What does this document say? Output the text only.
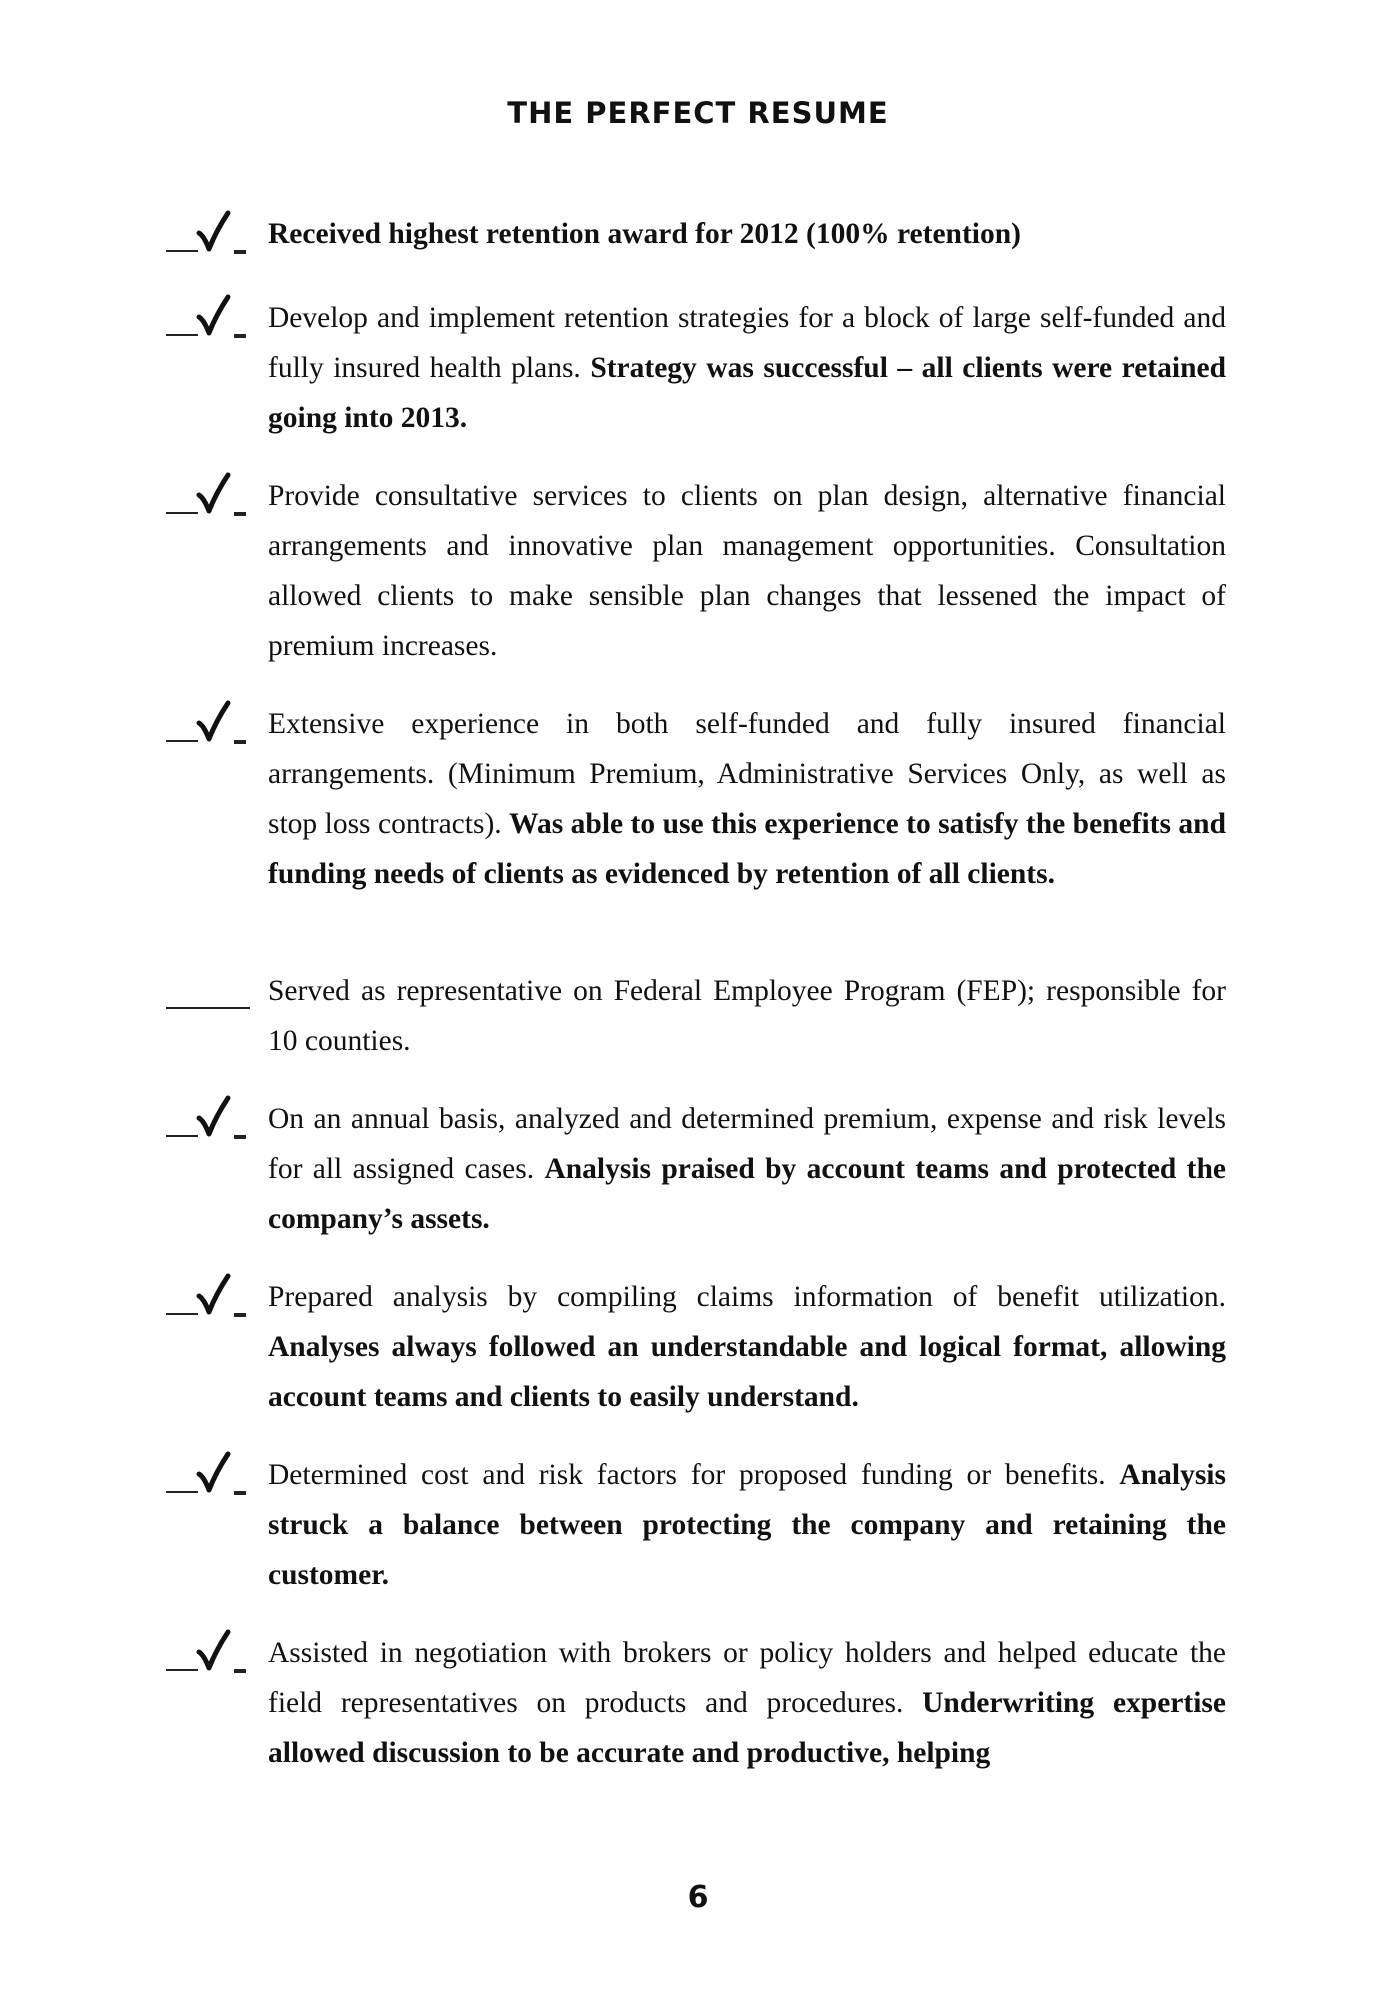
THE PERFECT RESUME
Received highest retention award for 2012 (100% retention)
Develop and implement retention strategies for a block of large self-funded and fully insured health plans. Strategy was successful – all clients were retained going into 2013.
Provide consultative services to clients on plan design, alternative financial arrangements and innovative plan management opportunities. Consultation allowed clients to make sensible plan changes that lessened the impact of premium increases.
Extensive experience in both self-funded and fully insured financial arrangements. (Minimum Premium, Administrative Services Only, as well as stop loss contracts). Was able to use this experience to satisfy the benefits and funding needs of clients as evidenced by retention of all clients.
Served as representative on Federal Employee Program (FEP); responsible for 10 counties.
On an annual basis, analyzed and determined premium, expense and risk levels for all assigned cases. Analysis praised by account teams and protected the company’s assets.
Prepared analysis by compiling claims information of benefit utilization. Analyses always followed an understandable and logical format, allowing account teams and clients to easily understand.
Determined cost and risk factors for proposed funding or benefits. Analysis struck a balance between protecting the company and retaining the customer.
Assisted in negotiation with brokers or policy holders and helped educate the field representatives on products and procedures. Underwriting expertise allowed discussion to be accurate and productive, helping
6
